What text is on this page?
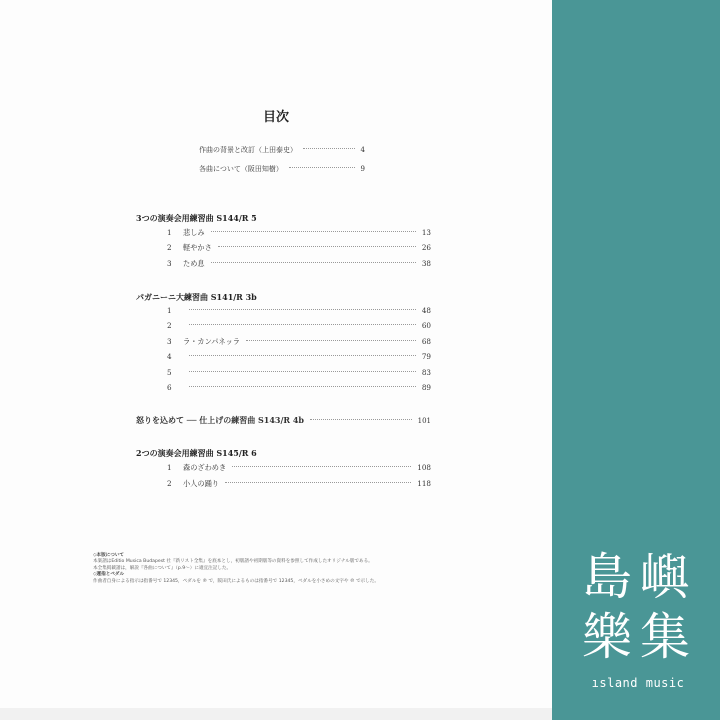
目次
作曲の背景と改訂（上田泰史）	4
各曲について（阪田知樹）	9
3つの演奏会用練習曲 S144/R 5
1 悲しみ	13
2 軽やかさ	26
3 ため息	38
パガニーニ大練習曲 S141/R 3b
1	48
2	60
3 ラ・カンパネッラ	68
4	79
5	83
6	89
怒りを込めて ── 仕上げの練習曲 S143/R 4b	101
2つの演奏会用練習曲 S145/R 6
1 森のざわめき	108
2 小人の踊り	118
◇本版について
本楽譜はEditio Musica Budapest 社『新リスト全集』を底本とし，初版譜や初期版等の資料を参照して作成したオリジナル版である。
本全集掲載譜は，解説『各曲について』（p.9～）に適宜注記した。
◇運指とペダル
作曲者自身による指示は指番号で 12345，ペダルを ℗ で，阪田氏によるものは指番号で 12345，ペダルを小さめの文字や ℗ で示した。	島 嶼
樂 集
ısland music
